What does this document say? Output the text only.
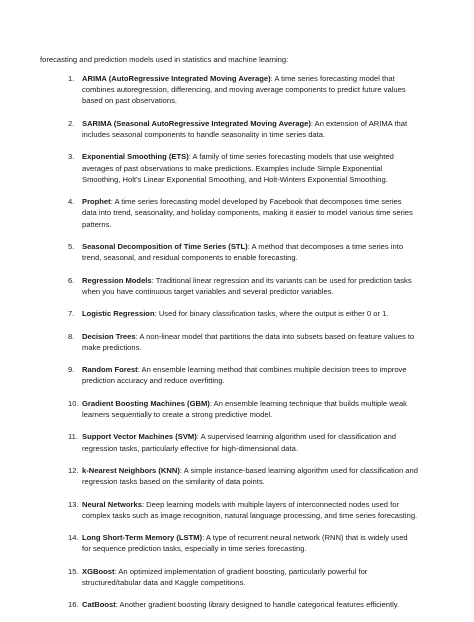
forecasting and prediction models used in statistics and machine learning:

1. ARIMA (AutoRegressive Integrated Moving Average): A time series forecasting model that combines autoregression, differencing, and moving average components to predict future values based on past observations.
2. SARIMA (Seasonal AutoRegressive Integrated Moving Average): An extension of ARIMA that includes seasonal components to handle seasonality in time series data.
3. Exponential Smoothing (ETS): A family of time series forecasting models that use weighted averages of past observations to make predictions. Examples include Simple Exponential Smoothing, Holt's Linear Exponential Smoothing, and Holt-Winters Exponential Smoothing.
4. Prophet: A time series forecasting model developed by Facebook that decomposes time series data into trend, seasonality, and holiday components, making it easier to model various time series patterns.
5. Seasonal Decomposition of Time Series (STL): A method that decomposes a time series into trend, seasonal, and residual components to enable forecasting.
6. Regression Models: Traditional linear regression and its variants can be used for prediction tasks when you have continuous target variables and several predictor variables.
7. Logistic Regression: Used for binary classification tasks, where the output is either 0 or 1.
8. Decision Trees: A non-linear model that partitions the data into subsets based on feature values to make predictions.
9. Random Forest: An ensemble learning method that combines multiple decision trees to improve prediction accuracy and reduce overfitting.
10. Gradient Boosting Machines (GBM): An ensemble learning technique that builds multiple weak learners sequentially to create a strong predictive model.
11. Support Vector Machines (SVM): A supervised learning algorithm used for classification and regression tasks, particularly effective for high-dimensional data.
12. k-Nearest Neighbors (KNN): A simple instance-based learning algorithm used for classification and regression tasks based on the similarity of data points.
13. Neural Networks: Deep learning models with multiple layers of interconnected nodes used for complex tasks such as image recognition, natural language processing, and time series forecasting.
14. Long Short-Term Memory (LSTM): A type of recurrent neural network (RNN) that is widely used for sequence prediction tasks, especially in time series forecasting.
15. XGBoost: An optimized implementation of gradient boosting, particularly powerful for structured/tabular data and Kaggle competitions.
16. CatBoost: Another gradient boosting library designed to handle categorical features efficiently.
